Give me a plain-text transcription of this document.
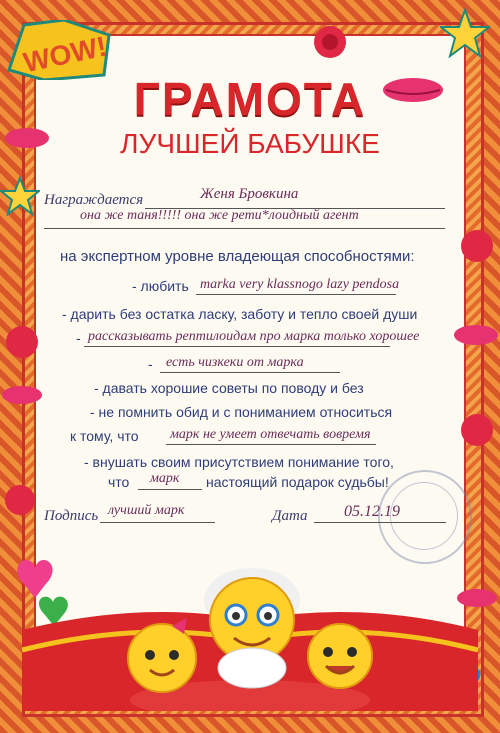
WOW!
ГРАМОТА
ЛУЧШЕЙ БАБУШКЕ
Награждается	Женя Бровкина
она же таня!!!!! она же рети*лоидный агент
на экспертном уровне владеющая способностями:
- любить marka very klassnogo lazy pendosa
- дарить без остатка ласку, заботу и тепло своей души
- рассказывать рептилоидам про марка только хорошее
- есть чизкеки от марка
- давать хорошие советы по поводу и без
- не помнить обид и с пониманием относиться
к тому, что марк не умеет отвечать вовремя
- внушать своим присутствием понимание того,
что марк настоящий подарок судьбы!
Подпись лучший марк	Дата 05.12.19
